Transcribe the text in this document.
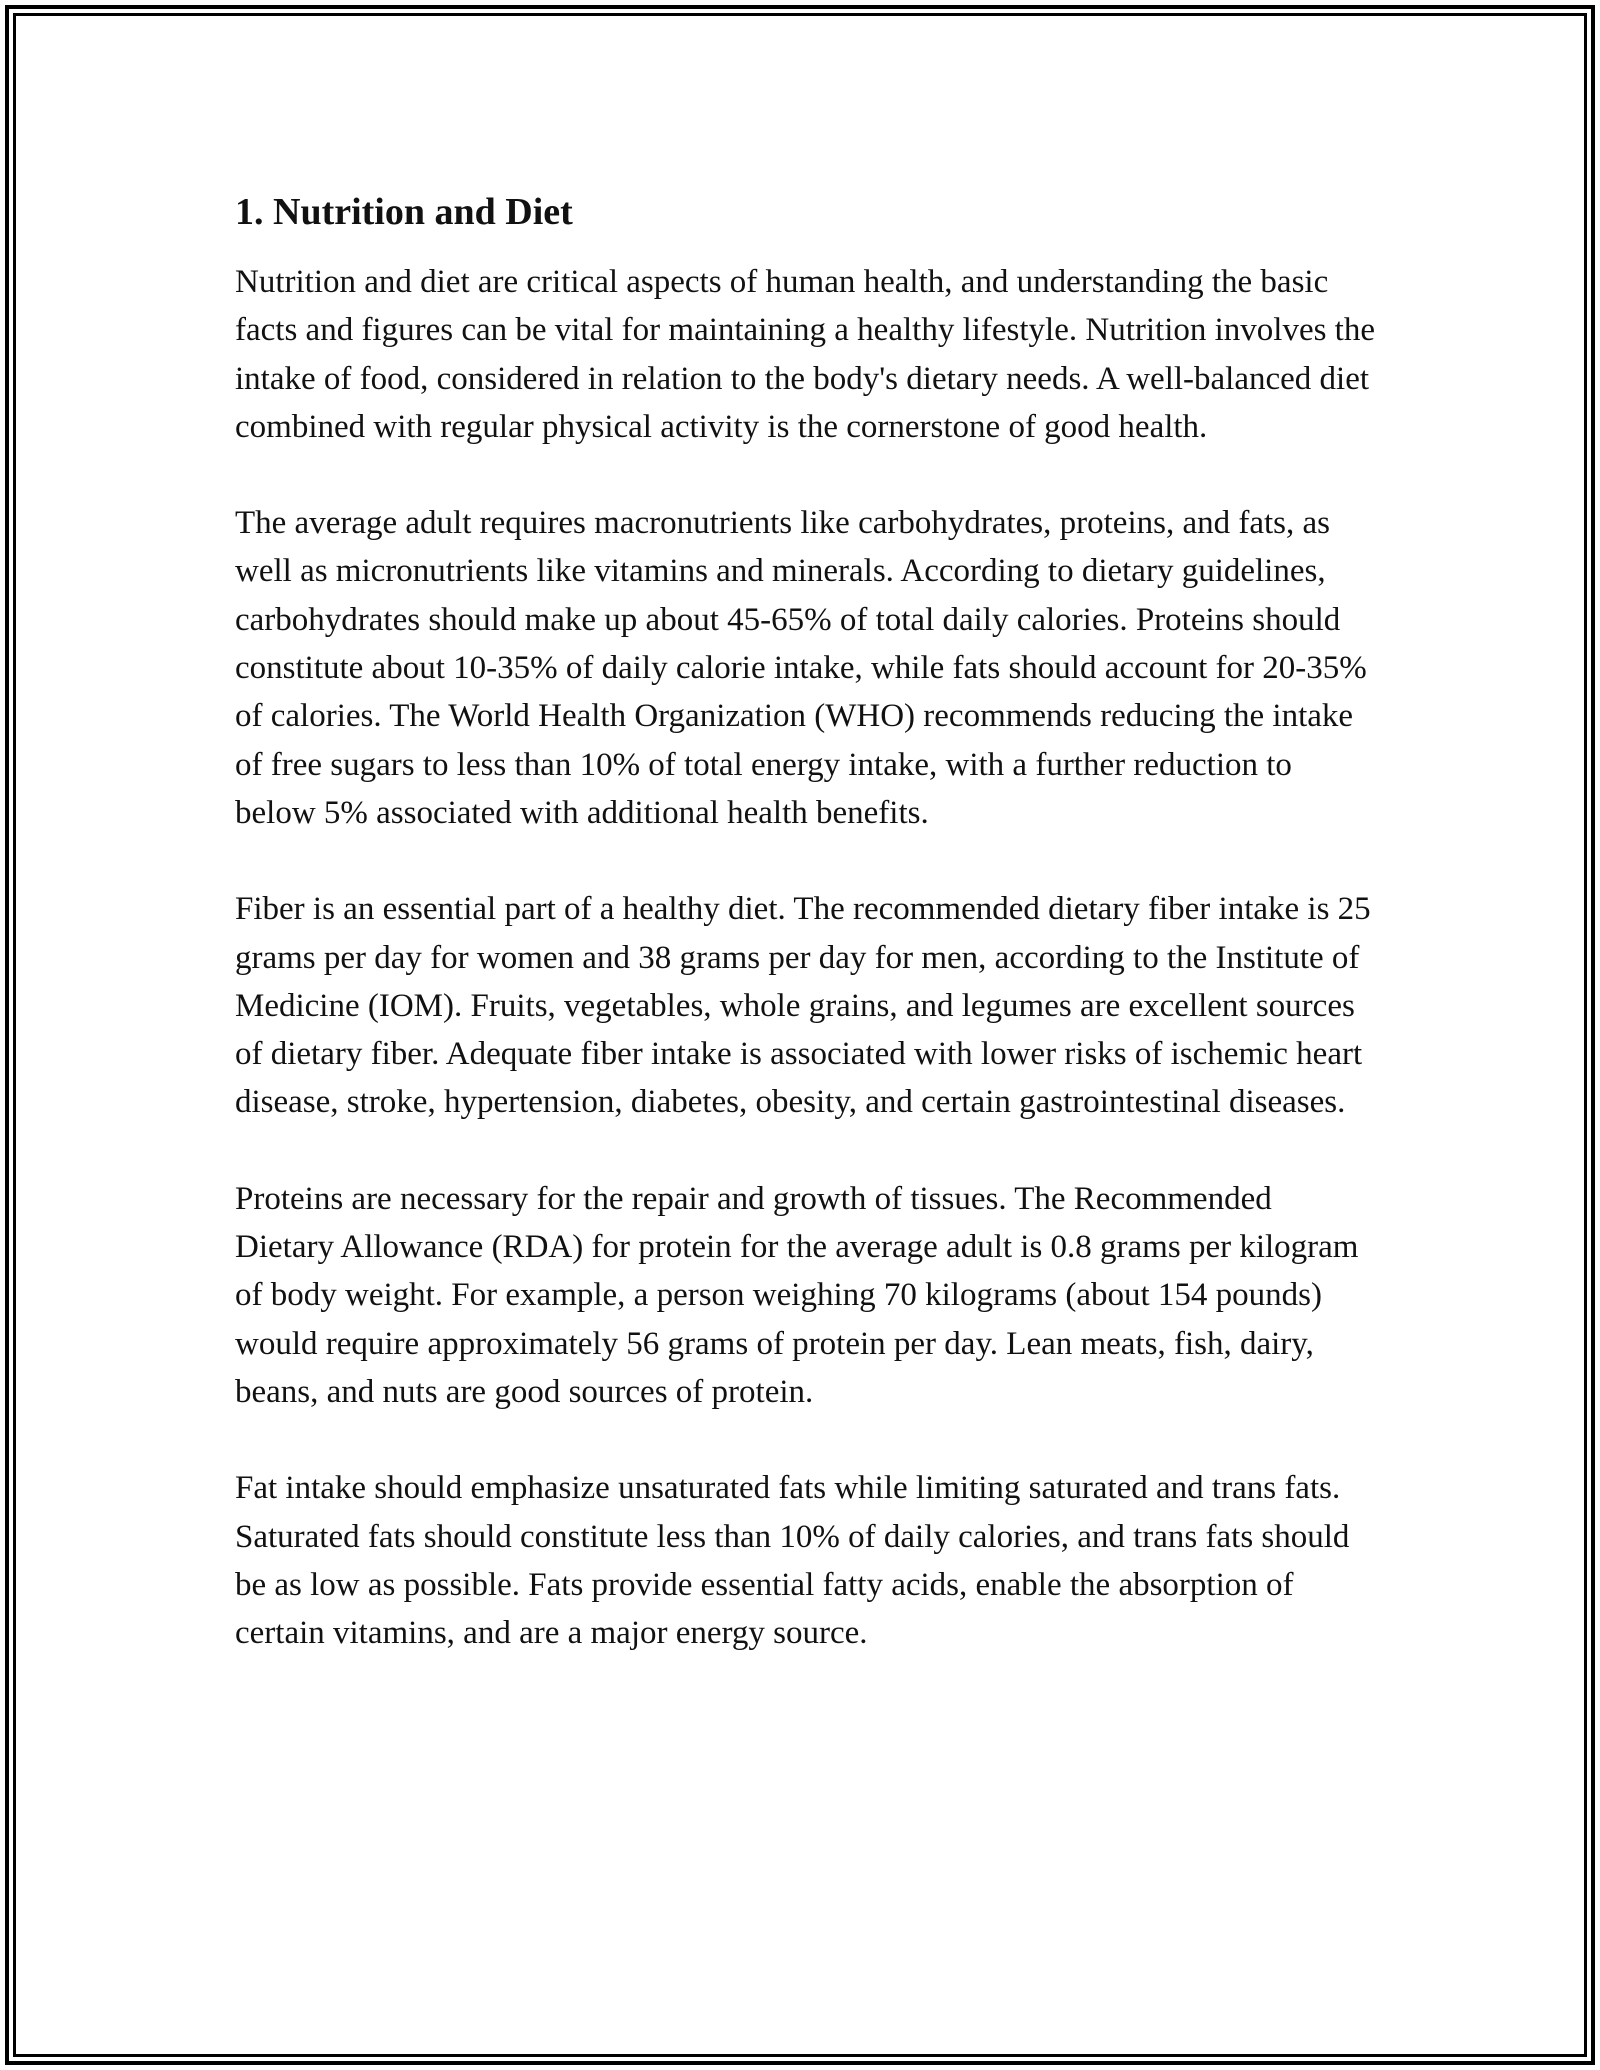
1. Nutrition and Diet

Nutrition and diet are critical aspects of human health, and understanding the basic facts and figures can be vital for maintaining a healthy lifestyle. Nutrition involves the intake of food, considered in relation to the body's dietary needs. A well-balanced diet combined with regular physical activity is the cornerstone of good health.

The average adult requires macronutrients like carbohydrates, proteins, and fats, as well as micronutrients like vitamins and minerals. According to dietary guidelines, carbohydrates should make up about 45-65% of total daily calories. Proteins should constitute about 10-35% of daily calorie intake, while fats should account for 20-35% of calories. The World Health Organization (WHO) recommends reducing the intake of free sugars to less than 10% of total energy intake, with a further reduction to below 5% associated with additional health benefits.

Fiber is an essential part of a healthy diet. The recommended dietary fiber intake is 25 grams per day for women and 38 grams per day for men, according to the Institute of Medicine (IOM). Fruits, vegetables, whole grains, and legumes are excellent sources of dietary fiber. Adequate fiber intake is associated with lower risks of ischemic heart disease, stroke, hypertension, diabetes, obesity, and certain gastrointestinal diseases.

Proteins are necessary for the repair and growth of tissues. The Recommended Dietary Allowance (RDA) for protein for the average adult is 0.8 grams per kilogram of body weight. For example, a person weighing 70 kilograms (about 154 pounds) would require approximately 56 grams of protein per day. Lean meats, fish, dairy, beans, and nuts are good sources of protein.

Fat intake should emphasize unsaturated fats while limiting saturated and trans fats. Saturated fats should constitute less than 10% of daily calories, and trans fats should be as low as possible. Fats provide essential fatty acids, enable the absorption of certain vitamins, and are a major energy source.
